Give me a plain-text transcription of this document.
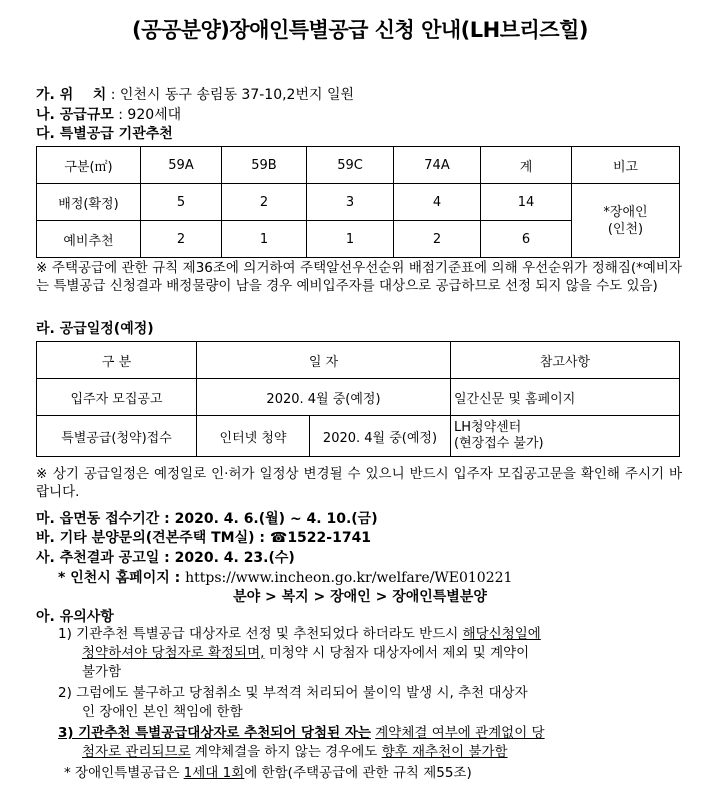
(공공분양)장애인특별공급 신청 안내(LH브리즈힐)
가. 위    치 : 인천시 동구 송림동 37-10,2번지 일원
나. 공급규모 : 920세대
다. 특별공급 기관추천
구분(㎡)	59A	59B	59C	74A	계	비고
배정(확정)	5	2	3	4	14	*장애인
(인천)
예비추천	2	1	1	2	6	
※ 주택공급에 관한 규칙 제36조에 의거하여 주택알선우선순위 배점기준표에 의해 우선순위가 정해짐(*예비자는 특별공급 신청결과 배정물량이 남을 경우 예비입주자를 대상으로 공급하므로 선정 되지 않을 수도 있음)
라. 공급일정(예정)
구 분	일 자		참고사항
입주자 모집공고	2020. 4월 중(예정)		일간신문 및 홈페이지
특별공급(청약)접수	인터넷 청약	2020. 4월 중(예정)	LH청약센터
(현장접수 불가)
※ 상기 공급일정은 예정일로 인·허가 일정상 변경될 수 있으니 반드시 입주자 모집공고문을 확인해 주시기 바랍니다.
마. 읍면동 접수기간 : 2020. 4. 6.(월) ~ 4. 10.(금)
바. 기타 분양문의(견본주택 TM실) : ☎1522-1741
사. 추천결과 공고일 : 2020. 4. 23.(수)
* 인천시 홈페이지 : https://www.incheon.go.kr/welfare/WE010221
분야 > 복지 > 장애인 > 장애인특별분양
아. 유의사항
1) 기관추천 특별공급 대상자로 선정 및 추천되었다 하더라도 반드시 해당신청일에
청약하셔야 당첨자로 확정되며, 미청약 시 당첨자 대상자에서 제외 및 계약이
불가함
2) 그럼에도 불구하고 당첨취소 및 부적격 처리되어 불이익 발생 시, 추천 대상자
인 장애인 본인 책임에 한함
3) 기관추천 특별공급대상자로 추천되어 당첨된 자는 계약체결 여부에 관계없이 당
첨자로 관리되므로 계약체결을 하지 않는 경우에도 향후 재추천이 불가함
* 장애인특별공급은 1세대 1회에 한함(주택공급에 관한 규칙 제55조)
